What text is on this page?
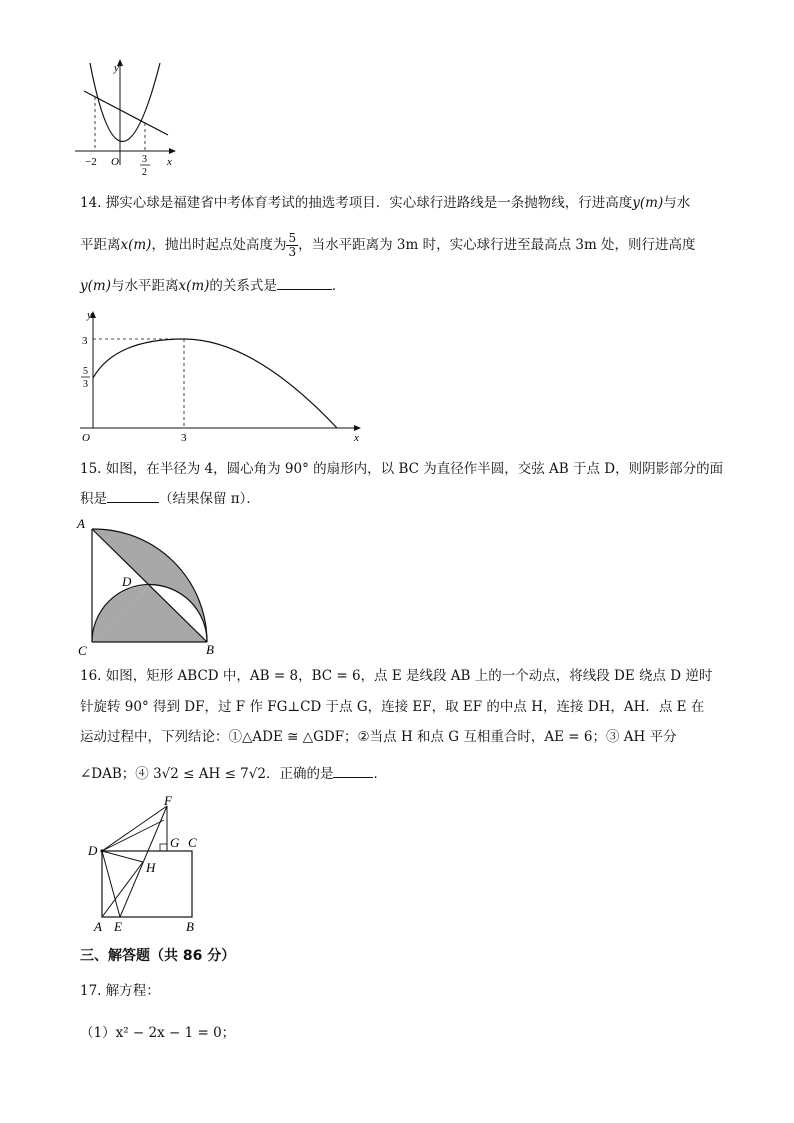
y
x
O
−2	3
2
14. 掷实心球是福建省中考体育考试的抽选考项目．实心球行进路线是一条抛物线，行进高度y(m)与水
平距离x(m)，抛出时起点处高度为 $\frac{5}{3}$ ，当水平距离为 3m 时，实心球行进至最高点 3m 处，则行进高度
y(m)与水平距离x(m)的关系式是	．
y
x
O
3
5
3
3
15. 如图，在半径为 4，圆心角为 90° 的扇形内，以 BC 为直径作半圆，交弦 AB 于点 D，则阴影部分的面
积是	（结果保留 π）．
A
B
C
D
16. 如图，矩形 ABCD 中，AB = 8，BC = 6，点 E 是线段 AB 上的一个动点，将线段 DE 绕点 D 逆时
针旋转 90° 得到 DF，过 F 作 FG⊥CD 于点 G，连接 EF，取 EF 的中点 H，连接 DH，AH．点 E 在
运动过程中，下列结论：①△ADE ≅ △GDF；②当点 H 和点 G 互相重合时，AE = 6；③ AH 平分
∠DAB；④ 3√2 ≤ AH ≤ 7√2．正确的是	．
A	B
C
D
E
F
G
H
三、解答题（共 86 分）
17. 解方程：
（1）x² − 2x − 1 = 0；
